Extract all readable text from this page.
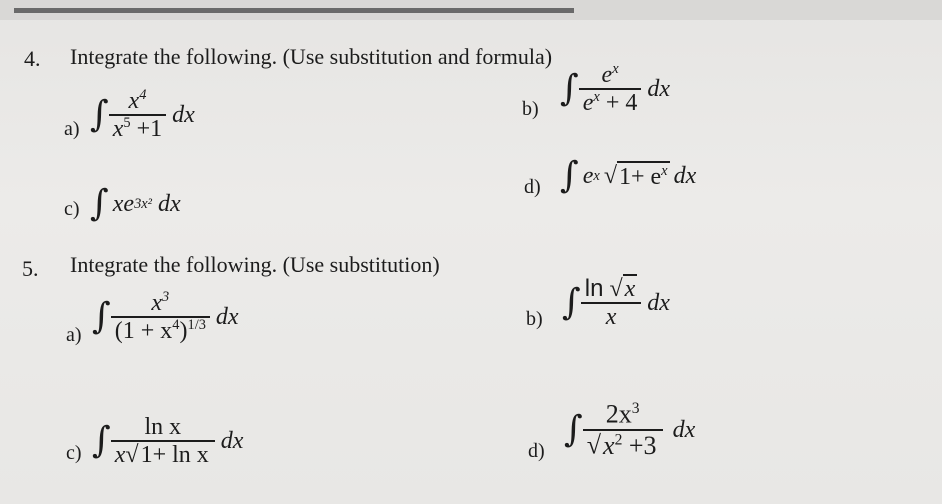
4. Integrate the following. (Use substitution and formula)
a) ∫ $\frac{x^4}{x^5 +1}$ dx	b) ∫ $\frac{e^x}{e^x + 4}$ dx
c) ∫ xe 3x² dx
d) ∫ e x √ $1+ e^x$ dx
5. Integrate the following. (Use substitution)
a) ∫ $\frac{x^3}{(1 + x^4)^{1/3}}$ dx	b) ∫ $\frac{\ln √x}{x}$ dx
c) ∫ $\frac{\text{ln x}}{\text{x√1+ ln x}}$ dx	d)
∫ $\frac{2x^3}{√x^2 +3}$ dx
